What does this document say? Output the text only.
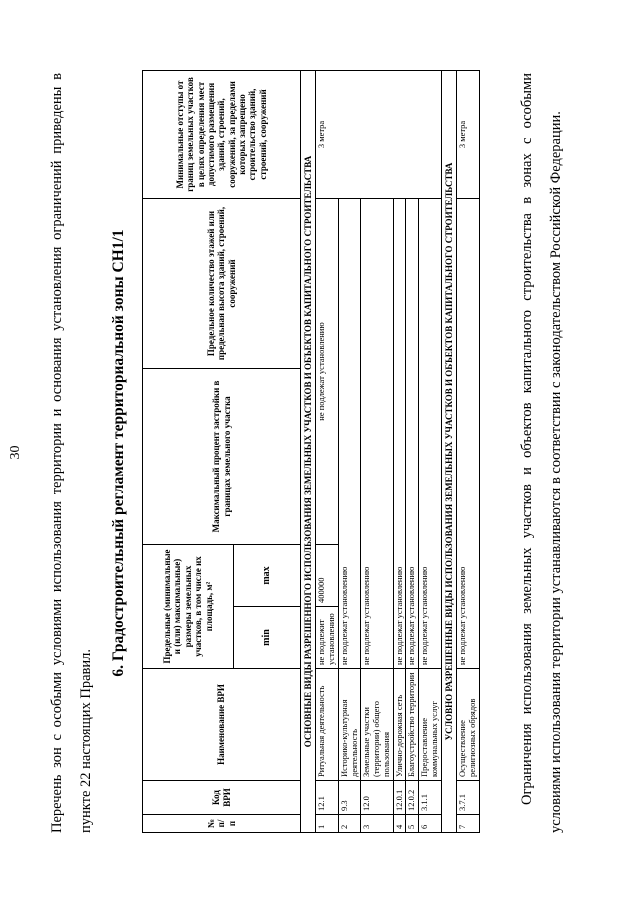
30	Перечень зон с особыми условиями использования территории и основания установления ограничений приведены в пункте 22 настоящих Правил.
6. Градостроительный регламент территориальной зоны СН1/1
№ п/п	Код ВРИ	Наименование ВРИ	Предельные (минимальные и (или) максимальные) размеры земельных участков, в том числе их площадь, м²		Максимальный процент застройки в границах земельного участка	Предельное количество этажей или предельная высота зданий, строений, сооружений	Минимальные отступы от границ земельных участков в целях определения мест допустимого размещения зданий, строений, сооружений, за пределами которых запрещено строительство зданий, строений, сооружений
			min	max			
ОСНОВНЫЕ ВИДЫ РАЗРЕШЕННОГО ИСПОЛЬЗОВАНИЯ ЗЕМЕЛЬНЫХ УЧАСТКОВ И ОБЪЕКТОВ КАПИТАЛЬНОГО СТРОИТЕЛЬСТВА							
1	12.1	Ритуальная деятельность	не подлежит установлению	400000	не подлежат установлению		3 метра
2	9.3	Историко-культурная деятельность	не подлежат установлению				
3	12.0	Земельные участки (территории) общего пользования	не подлежат установлению				
4	12.0.1	Улично-дорожная сеть	не подлежат установлению				
5	12.0.2	Благоустройство территории	не подлежат установлению				
6	3.1.1	Предоставление коммунальных услуг	не подлежат установлению				
УСЛОВНО РАЗРЕШЕННЫЕ ВИДЫ ИСПОЛЬЗОВАНИЯ ЗЕМЕЛЬНЫХ УЧАСТКОВ И ОБЪЕКТОВ КАПИТАЛЬНОГО СТРОИТЕЛЬСТВА							
7	3.7.1	Осуществление религиозных обрядов	не подлежат установлению				3 метра	Ограничения использования земельных участков и объектов капитального строительства в зонах с особыми условиями использования территории устанавливаются в соответствии с законодательством Российской Федерации.
